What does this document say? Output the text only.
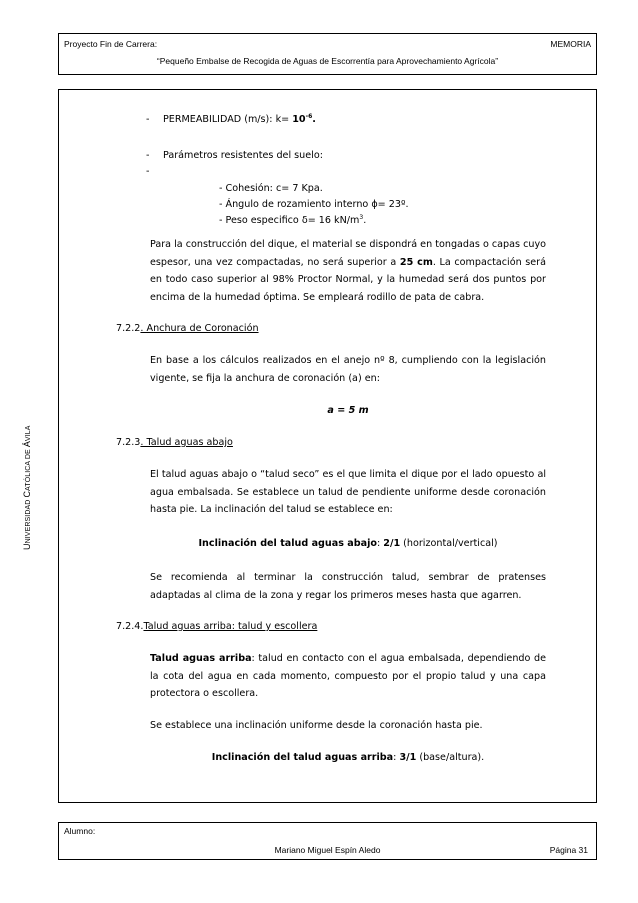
Proyecto Fin de Carrera:	MEMORIA
“Pequeño Embalse de Recogida de Aguas de Escorrentía para Aprovechamiento Agrícola”
UNIVERSIDAD CATÓLICA DE ÁVILA
- PERMEABILIDAD (m/s): $k= 10^{-6}$.
- Parámetros resistentes del suelo:
-
- Cohesión: c= 7 Kpa.
- Ángulo de rozamiento interno ϕ= 23º.
- Peso especifico δ= 16 $kN/m^3$.
Para la construcción del dique, el material se dispondrá en tongadas o capas cuyo espesor, una vez compactadas, no será superior a 25 cm. La compactación será en todo caso superior al 98% Proctor Normal, y la humedad será dos puntos por encima de la humedad óptima. Se empleará rodillo de pata de cabra.
7.2.2. Anchura de Coronación
En base a los cálculos realizados en el anejo nº 8, cumpliendo con la legislación vigente, se fija la anchura de coronación (a) en:
a = 5 m
7.2.3. Talud aguas abajo
El talud aguas abajo o “talud seco” es el que limita el dique por el lado opuesto al agua embalsada. Se establece un talud de pendiente uniforme desde coronación hasta pie. La inclinación del talud se establece en:
Inclinación del talud aguas abajo: 2/1 (horizontal/vertical)
Se recomienda al terminar la construcción talud, sembrar de pratenses adaptadas al clima de la zona y regar los primeros meses hasta que agarren.
7.2.4.Talud aguas arriba: talud y escollera
Talud aguas arriba: talud en contacto con el agua embalsada, dependiendo de la cota del agua en cada momento, compuesto por el propio talud y una capa protectora o escollera.
Se establece una inclinación uniforme desde la coronación hasta pie.
Inclinación del talud aguas arriba: 3/1 (base/altura).
Alumno:
Mariano Miguel Espín Aledo	Página 31
